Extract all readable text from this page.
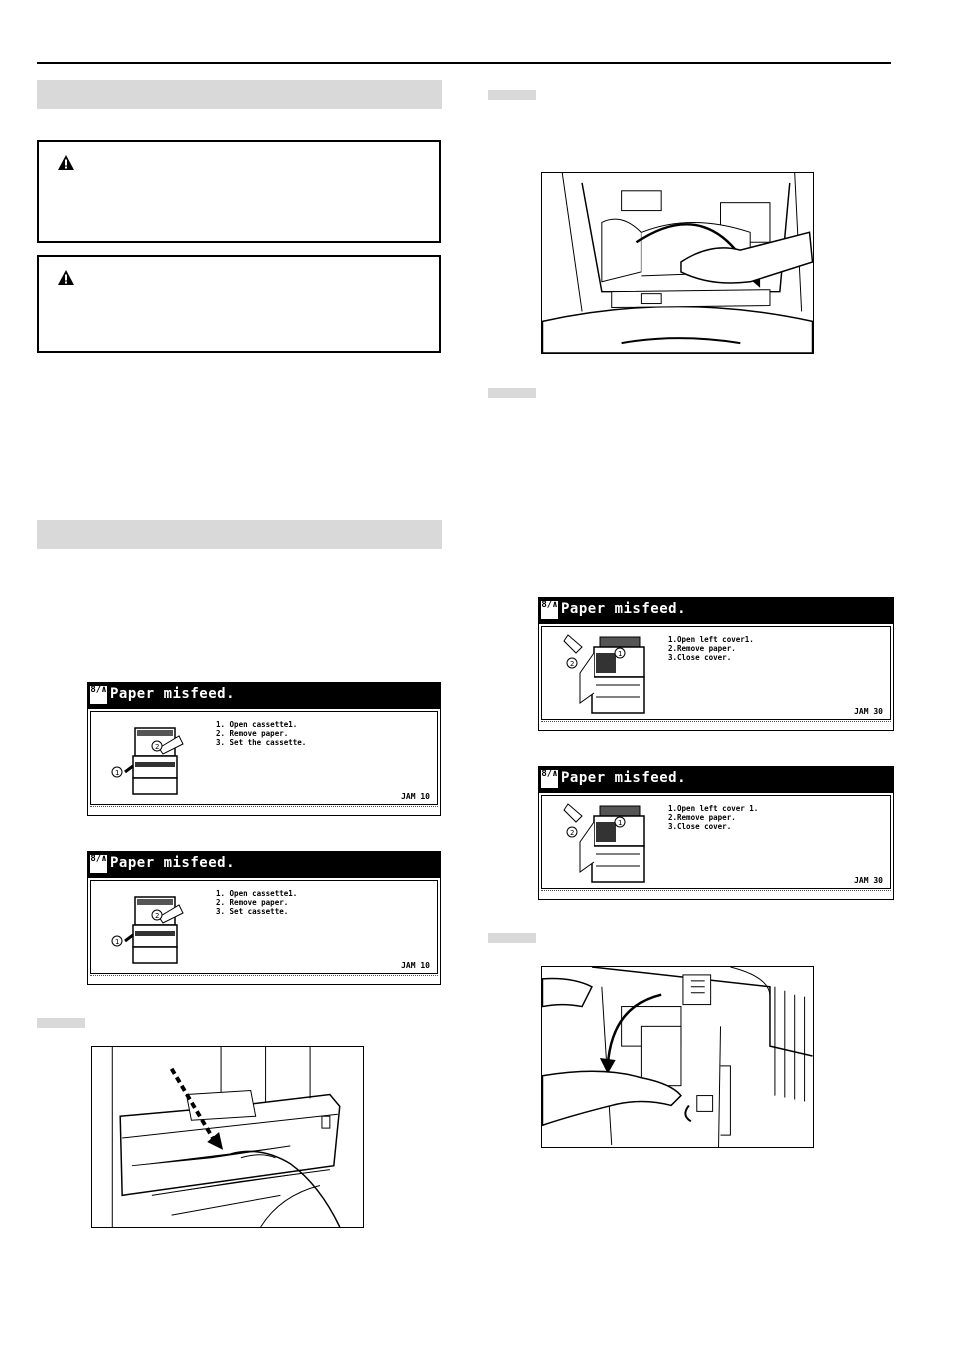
8/∧ Paper misfeed.
2
1
1. Open cassette1.
2. Remove paper.
3. Set the cassette.
JAM 10
8/∧ Paper misfeed.
2
1
1. Open cassette1.
2. Remove paper.
3. Set cassette.
JAM 10
8/∧ Paper misfeed.
1
2
1.Open left cover1.
2.Remove paper.
3.Close cover.
JAM 30
8/∧ Paper misfeed.
1
2
1.Open left cover 1.
2.Remove paper.
3.Close cover.
JAM 30
